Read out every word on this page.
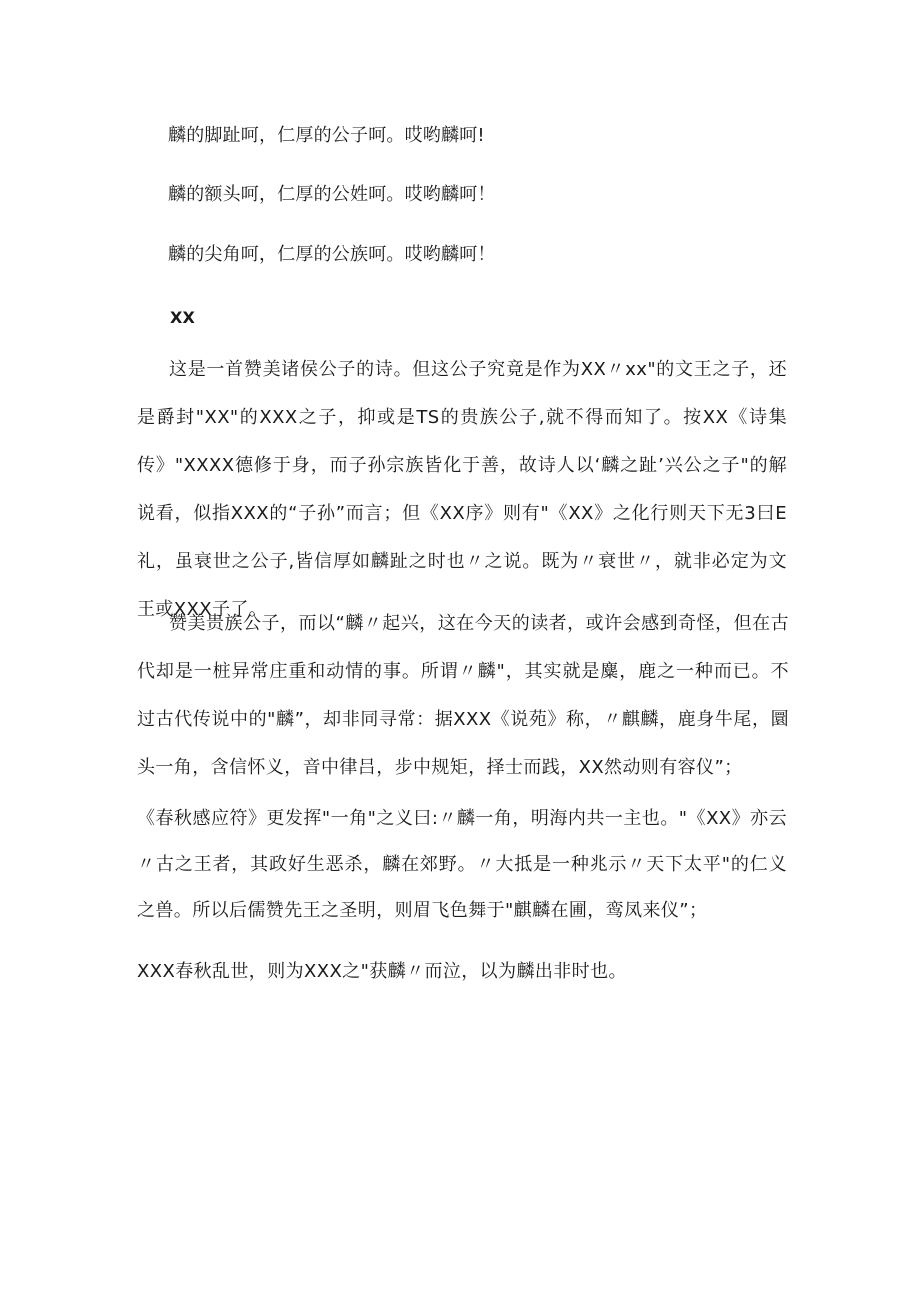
麟的脚趾呵，仁厚的公子呵。哎哟麟呵!
麟的额头呵，仁厚的公姓呵。哎哟麟呵！
麟的尖角呵，仁厚的公族呵。哎哟麟呵！
XX

这是一首赞美诸侯公子的诗。但这公子究竟是作为XX〃xx"的文王之子，还是爵封"XX"的XXX之子，抑或是TS的贵族公子,就不得而知了。按XX《诗集传》"XXXX德修于身，而子孙宗族皆化于善，故诗人以‘麟之趾’兴公之子"的解说看，似指XXX的“子孙”而言；但《XX序》则有"《XX》之化行则天下无3曰E礼，虽衰世之公子,皆信厚如麟趾之时也〃之说。既为〃衰世〃，就非必定为文王或XXX子了。

赞美贵族公子，而以“麟〃起兴，这在今天的读者，或许会感到奇怪，但在古代却是一桩异常庄重和动情的事。所谓〃麟"，其实就是麋，鹿之一种而已。不过古代传说中的"麟”，却非同寻常：据XXX《说苑》称，〃麒麟，鹿身牛尾，圜头一角，含信怀义，音中律吕，步中规矩，择士而践，XX然动则有容仪”；

《春秋感应符》更发挥"一角"之义曰:〃麟一角，明海内共一主也。"《XX》亦云〃古之王者，其政好生恶杀，麟在郊野。〃大抵是一种兆示〃天下太平"的仁义之兽。所以后儒赞先王之圣明，则眉飞色舞于"麒麟在圃，鸾凤来仪”；

XXX春秋乱世，则为XXX之"获麟〃而泣，以为麟出非时也。
